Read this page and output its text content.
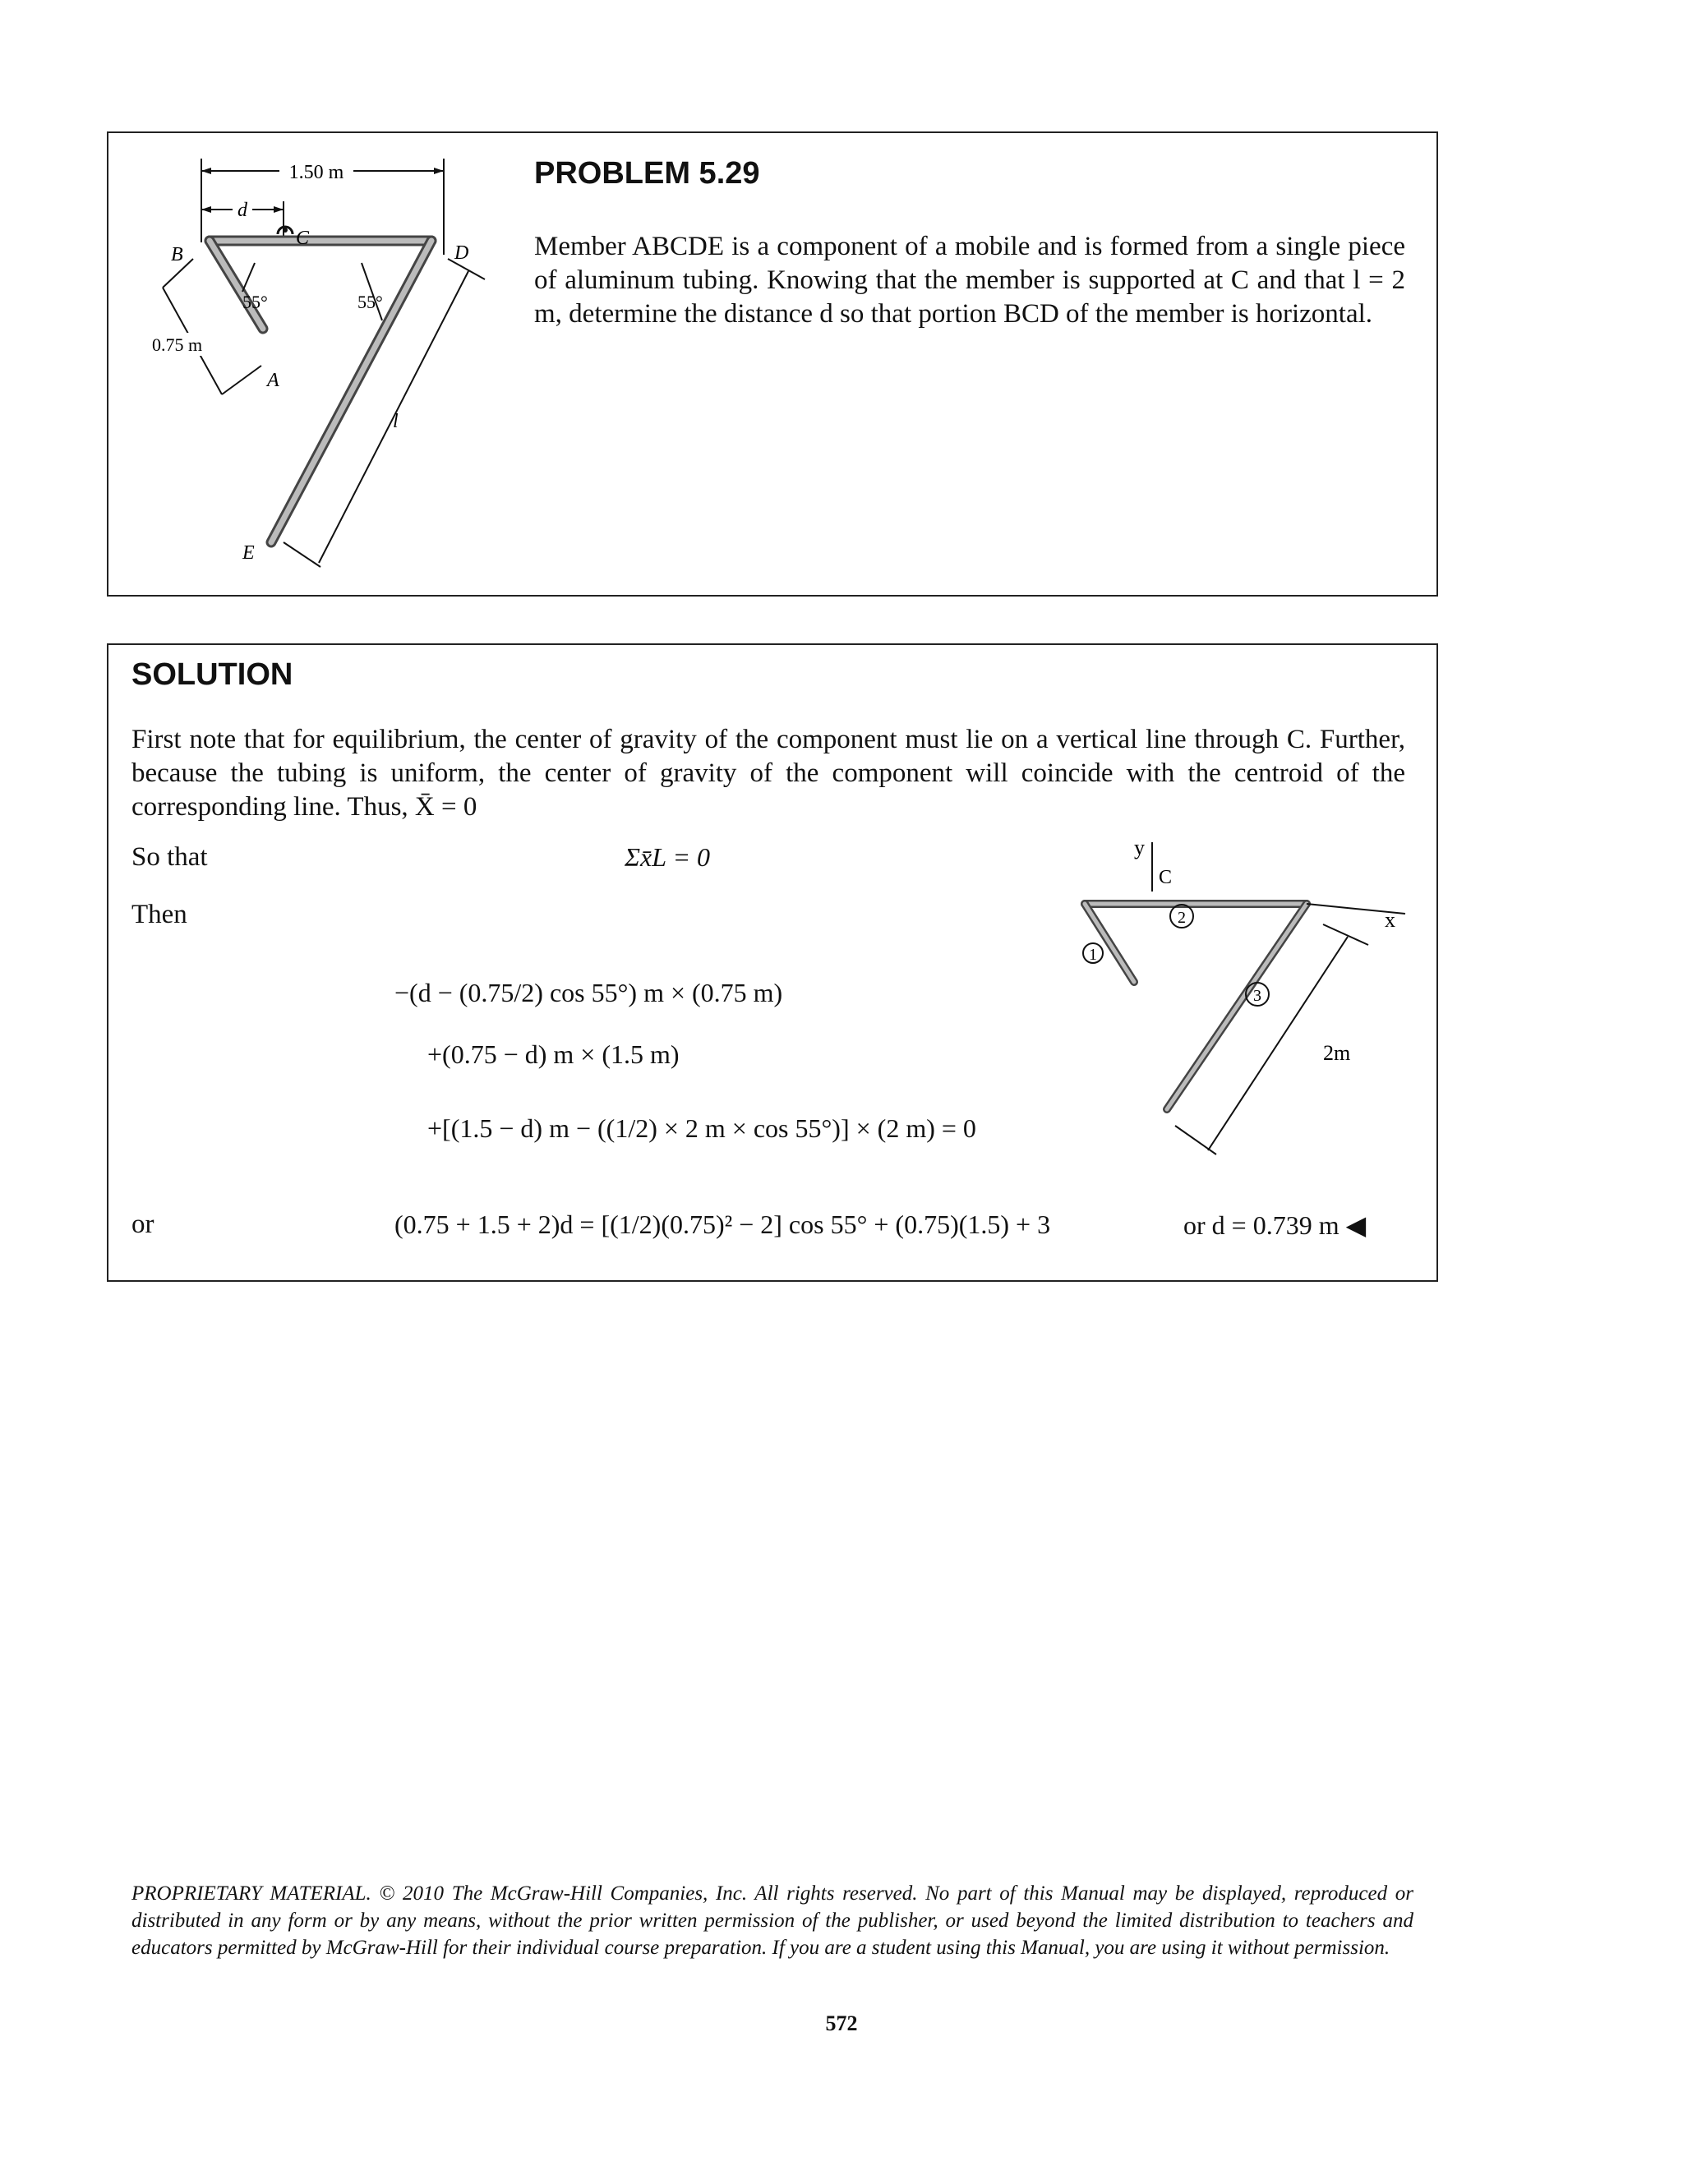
1.50 m
d
B
C
D
A
E
55°	55°
0.75 m
l
PROBLEM 5.29
Member ABCDE is a component of a mobile and is formed from a single piece of aluminum tubing. Knowing that the member is supported at C and that l = 2 m, determine the distance d so that portion BCD of the member is horizontal.
SOLUTION
First note that for equilibrium, the center of gravity of the component must lie on a vertical line through C. Further, because the tubing is uniform, the center of gravity of the component will coincide with the centroid of the corresponding line. Thus, X̄ = 0
So that	Σx̄L = 0
Then
−(d − (0.75/2) cos 55°) m × (0.75 m)
+(0.75 − d) m × (1.5 m)
+[(1.5 − d) m − ((1/2) × 2 m × cos 55°)] × (2 m) = 0
or	(0.75 + 1.5 + 2)d = [(1/2)(0.75)² − 2] cos 55° + (0.75)(1.5) + 3	or d = 0.739 m ◀
y
C
x
1
2
3
2m
PROPRIETARY MATERIAL. © 2010 The McGraw-Hill Companies, Inc. All rights reserved. No part of this Manual may be displayed, reproduced or distributed in any form or by any means, without the prior written permission of the publisher, or used beyond the limited distribution to teachers and educators permitted by McGraw-Hill for their individual course preparation. If you are a student using this Manual, you are using it without permission.
572
